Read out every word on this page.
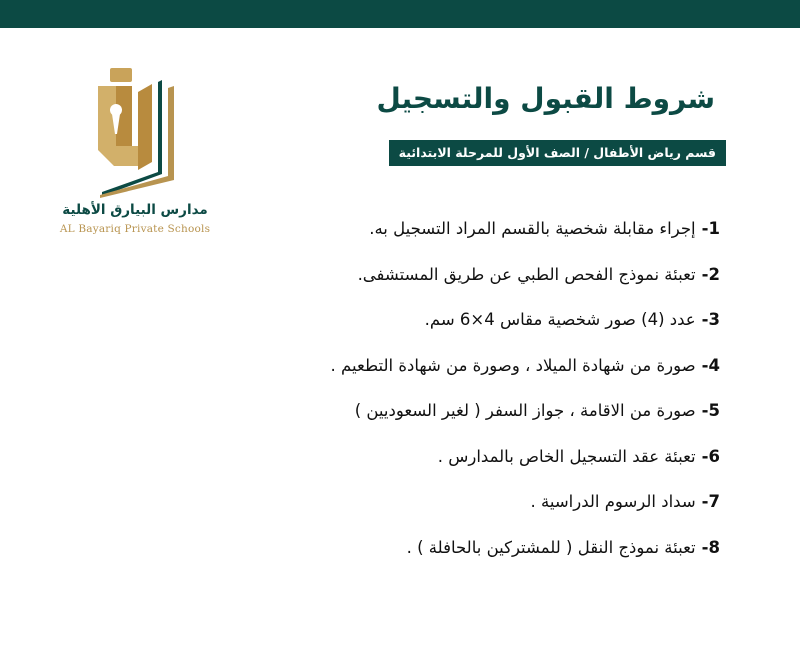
مدارس البيارق الأهلية
AL Bayariq Private Schools
شروط القبول والتسجيل
قسم رياض الأطفال / الصف الأول للمرحلة الابتدائية
1-إجراء مقابلة شخصية بالقسم المراد التسجيل به.
2-تعبئة نموذج الفحص الطبي عن طريق المستشفى.
3-عدد (4) صور شخصية مقاس 4×6 سم.
4-صورة من شهادة الميلاد ، وصورة من شهادة التطعيم .
5-صورة من الاقامة ، جواز السفر ( لغير السعوديين )
6-تعبئة عقد التسجيل الخاص بالمدارس .
7-سداد الرسوم الدراسية .
8-تعبئة نموذج النقل ( للمشتركين بالحافلة ) .
